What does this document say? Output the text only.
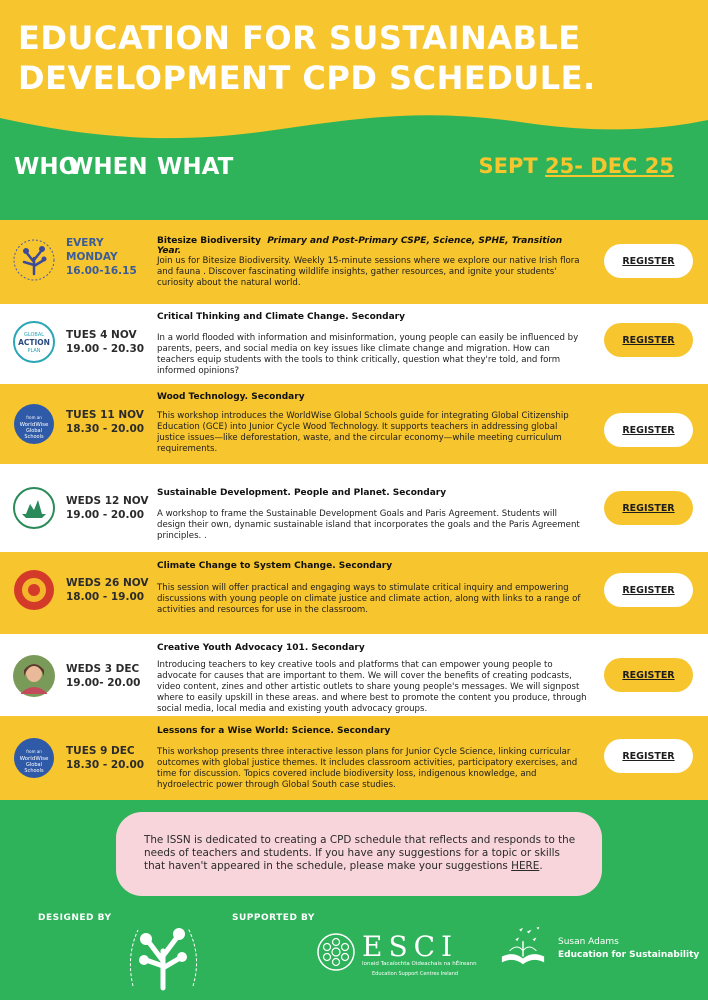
EDUCATION FOR SUSTAINABLE DEVELOPMENT CPD SCHEDULE.
WHO
WHEN WHAT	SEPT 25- DEC 25
EVERY
MONDAY
16.00-16.15
Bitesize Biodiversity Primary and Post-Primary CSPE, Science, SPHE, Transition Year.
Join us for Bitesize Biodiversity. Weekly 15-minute sessions where we explore our native Irish flora and fauna . Discover fascinating wildlife insights, gather resources, and ignite your students' curiosity about the natural world.
REGISTER
GLOBAL
ACTION
PLAN
TUES 4 NOV
19.00 - 20.30
Critical Thinking and Climate Change. Secondary
In a world flooded with information and misinformation, young people can easily be influenced by parents, peers, and social media on key issues like climate change and migration. How can teachers equip students with the tools to think critically, question what they're told, and form informed opinions?
REGISTER
from an
WorldWise
Global
Schools
TUES 11 NOV
18.30 - 20.00
Wood Technology. Secondary
This workshop introduces the WorldWise Global Schools guide for integrating Global Citizenship Education (GCE) into Junior Cycle Wood Technology. It supports teachers in addressing global justice issues—like deforestation, waste, and the circular economy—while meeting curriculum requirements.
REGISTER
WEDS 12 NOV
19.00 - 20.00
Sustainable Development. People and Planet. Secondary
A workshop to frame the Sustainable Development Goals and Paris Agreement. Students will design their own, dynamic sustainable island that incorporates the goals and the Paris Agreement principles. .
REGISTER
WEDS 26 NOV
18.00 - 19.00
Climate Change to System Change. Secondary
This session will offer practical and engaging ways to stimulate critical inquiry and empowering discussions with young people on climate justice and climate action, along with links to a range of activities and resources for use in the classroom.
REGISTER
WEDS 3 DEC
19.00- 20.00
Creative Youth Advocacy 101. Secondary
Introducing teachers to key creative tools and platforms that can empower young people to advocate for causes that are important to them. We will cover the benefits of creating podcasts, video content, zines and other artistic outlets to share young people's messages. We will signpost where to easily upskill in these areas. and where best to promote the content you produce, through social media, local media and existing youth advocacy groups.
REGISTER
from an
WorldWise
Global
Schools
TUES 9 DEC
18.30 - 20.00
Lessons for a Wise World: Science. Secondary
This workshop presents three interactive lesson plans for Junior Cycle Science, linking curricular outcomes with global justice themes. It includes classroom activities, participatory exercises, and time for discussion. Topics covered include biodiversity loss, indigenous knowledge, and hydroelectric power through Global South case studies.
REGISTER
The ISSN is dedicated to creating a CPD schedule that reflects and responds to the needs of teachers and students. If you have any suggestions for a topic or skills that haven't appeared in the schedule, please make your suggestions HERE.
DESIGNED BY	SUPPORTED BY
ESCI
Ionaid Tacaíochta Oideachais na hÉireann
Education Support Centres Ireland
Susan Adams
Education for Sustainability
